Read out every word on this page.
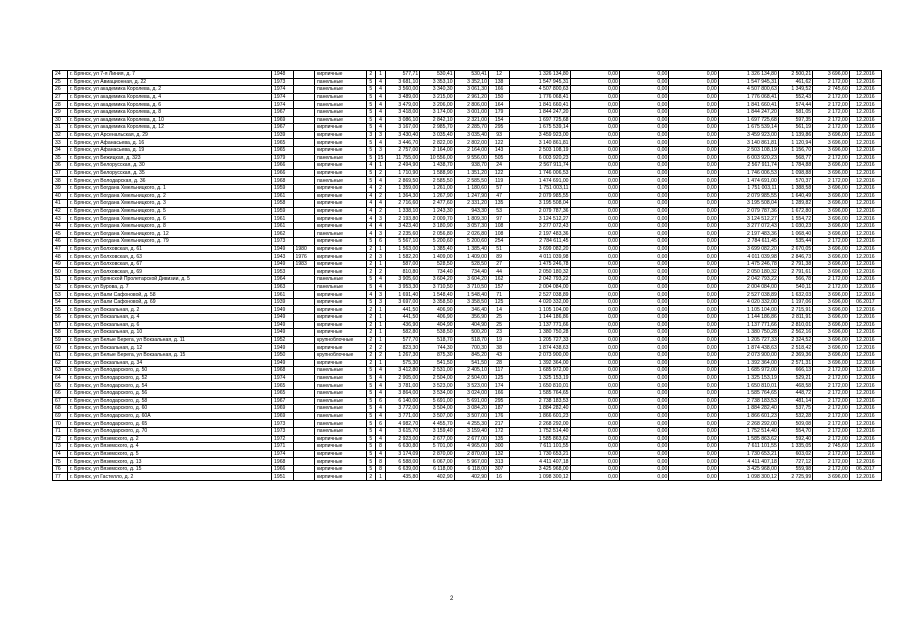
24	г. Брянск, ул 7-я Линия, д. 7	1948		кирпичные	2	1	577,71	530,41	530,41	12	1 326 134,80	0,00	0,00	0,00	1 326 134,80	2 500,21	3 696,00	12.2016
25	г. Брянск, ул Авиационная, д. 22	1973		панельные	5	4	3 681,10	3 353,10	3 352,10	138	1 547 945,31	0,00	0,00	0,00	1 547 945,31	461,62	2 172,00	12.2016
26	г. Брянск, ул академика Королева, д. 2	1974		панельные	5	4	3 560,00	3 340,30	3 061,30	166	4 507 800,63	0,00	0,00	0,00	4 507 800,63	1 349,52	2 745,60	12.2016
27	г. Брянск, ул академика Королева, д. 4	1974		панельные	5	4	3 489,00	3 215,00	2 961,20	150	1 776 068,41	0,00	0,00	0,00	1 776 068,41	552,43	2 172,00	12.2016
28	г. Брянск, ул академика Королева, д. 6	1974		панельные	5	4	3 479,00	3 206,00	2 806,00	164	1 841 660,41	0,00	0,00	0,00	1 841 660,41	574,44	2 172,00	12.2016
29	г. Брянск, ул академика Королева, д. 8	1967		панельные	5	4	3 418,00	3 174,00	3 001,00	179	1 844 247,20	0,00	0,00	0,00	1 844 247,20	581,05	2 172,00	12.2016
30	г. Брянск, ул академика Королева, д. 10	1969		панельные	5	4	3 086,10	2 842,10	2 321,00	154	1 697 725,68	0,00	0,00	0,00	1 697 725,68	597,35	2 172,00	12.2016
31	г. Брянск, ул академика Королева, д. 12	1967		кирпичные	5	4	3 167,00	2 985,70	2 285,70	295	1 675 539,14	0,00	0,00	0,00	1 675 539,14	561,19	2 172,00	12.2016
32	г. Брянск, ул Арсенальская, д. 29	1939		кирпичные	3	3	3 430,40	3 035,40	3 035,40	93	3 459 923,00	0,00	0,00	0,00	3 459 923,00	1 139,86	3 696,00	12.2016
33	г. Брянск, ул Афанасьева, д. 16	1965		кирпичные	5	4	3 446,70	2 822,00	2 802,00	122	3 140 861,81	0,00	0,00	0,00	3 140 861,81	1 120,94	3 696,00	12.2016
34	г. Брянск, ул Афанасьева, д. 19	1965		кирпичные	5	3	2 757,00	2 164,00	2 164,00	143	2 503 108,19	0,00	0,00	0,00	2 503 108,19	1 156,70	3 696,00	12.2016
35	г. Брянск, ул Бежицкая, д. 323	1979		панельные	5	15	11 755,00	10 556,00	9 556,00	505	6 003 920,23	0,00	0,00	0,00	6 003 920,23	568,77	2 172,00	12.2016
36	г. Брянск, ул Белорусская, д. 30	1966		кирпичные	4	1	2 494,90	1 438,70	938,70	24	2 567 911,74	0,00	0,00	0,00	2 567 911,74	1 784,88	3 696,00	12.2016
37	г. Брянск, ул Белорусская, д. 35	1966		кирпичные	5	2	1 710,90	1 588,90	1 351,20	122	1 746 006,53	0,00	0,00	0,00	1 746 006,53	1 098,88	3 696,00	12.2016
38	г. Брянск, ул Володарская, д. 36	1968		панельные	5	4	2 869,50	2 585,50	2 585,50	119	1 474 691,00	0,00	0,00	0,00	1 474 691,00	570,37	2 172,00	12.2016
39	г. Брянск, ул Богдана Хмельницкого, д. 1	1959		кирпичные	4	2	1 359,00	1 261,00	1 180,60	57	1 751 003,11	0,00	0,00	0,00	1 751 003,11	1 388,58	3 696,00	12.2016
40	г. Брянск, ул Богдана Хмельницкого, д. 2	1961		кирпичные	4	2	1 364,30	1 267,90	1 247,90	47	2 079 985,55	0,00	0,00	0,00	2 079 985,55	1 640,49	3 696,00	12.2016
41	г. Брянск, ул Богдана Хмельницкого, д. 3	1958		кирпичные	4	4	2 716,60	2 477,60	2 331,20	135	3 195 508,04	0,00	0,00	0,00	3 195 508,04	1 289,82	3 696,00	12.2016
42	г. Брянск, ул Богдана Хмельницкого, д. 5	1959		кирпичные	4	2	1 338,10	1 243,30	943,30	53	2 079 787,36	0,00	0,00	0,00	2 079 787,36	1 672,80	3 696,00	12.2016
43	г. Брянск, ул Богдана Хмельницкого, д. 6	1961		кирпичные	4	3	2 193,80	2 009,70	1 809,30	97	3 124 512,27	0,00	0,00	0,00	3 124 512,27	1 554,72	3 696,00	12.2016
44	г. Брянск, ул Богдана Хмельницкого, д. 8	1961		кирпичные	4	4	3 423,40	3 180,90	3 057,30	108	3 277 072,43	0,00	0,00	0,00	3 277 072,43	1 030,23	3 696,00	12.2016
45	г. Брянск, ул Богдана Хмельницкого, д. 12	1962		панельные	4	3	2 235,60	2 056,80	2 026,80	108	2 197 483,36	0,00	0,00	0,00	2 197 483,36	1 068,40	3 696,00	12.2016
46	г. Брянск, ул Богдана Хмельницкого, д. 79	1973		кирпичные	5	6	5 567,10	5 200,60	5 200,60	254	2 784 611,45	0,00	0,00	0,00	2 784 611,45	535,44	2 172,00	12.2016
47	г. Брянск, ул Болховская, д. 61	1949	1980	кирпичные	2	1	1 563,00	1 385,40	1 385,40	51	3 699 082,20	0,00	0,00	0,00	3 699 082,20	2 670,05	3 696,00	12.2016
48	г. Брянск, ул Болховская, д. 63	1943	1976	кирпичные	2	3	1 582,20	1 409,00	1 409,00	89	4 011 039,98	0,00	0,00	0,00	4 011 039,98	2 846,73	3 696,00	12.2016
49	г. Брянск, ул Болховская, д. 67	1949	1983	кирпичные	2	1	587,00	528,50	528,50	27	1 475 246,78	0,00	0,00	0,00	1 475 246,78	2 791,38	3 696,00	12.2016
50	г. Брянск, ул Болховская, д. 69	1953		кирпичные	2	2	810,80	734,40	734,40	44	2 050 180,32	0,00	0,00	0,00	2 050 180,32	2 791,61	3 696,00	12.2016
51	г. Брянск, ул Брянской Пролетарской Дивизии, д. 5	1964		панельные	5	4	3 905,60	3 604,20	3 604,20	162	2 042 793,22	0,00	0,00	0,00	2 042 793,22	566,78	2 172,00	12.2016
52	г. Брянск, ул Бурова, д. 7	1963		панельные	5	4	3 953,30	3 710,50	3 710,50	157	2 004 084,00	0,00	0,00	0,00	2 004 084,00	540,11	2 172,00	12.2016
53	г. Брянск, ул Вали Сафоновой, д. 58	1961		кирпичные	4	3	1 691,40	1 548,40	1 548,40	71	2 527 038,89	0,00	0,00	0,00	2 527 038,89	1 632,03	3 696,00	12.2016
54	г. Брянск, ул Вали Сафоновой, д. 69	1939		кирпичные	5	3	3 697,00	3 358,50	3 358,50	125	4 020 332,00	0,00	0,00	0,00	4 020 332,00	1 197,06	3 696,00	06.2017
55	г. Брянск, ул Вокзальная, д. 2	1949		кирпичные	2	1	441,50	406,90	346,40	14	1 105 104,00	0,00	0,00	0,00	1 105 104,00	2 715,91	3 696,00	12.2016
56	г. Брянск, ул Вокзальная, д. 4	1949		кирпичные	2	1	441,50	406,90	356,90	25	1 144 186,86	0,00	0,00	0,00	1 144 186,86	2 811,91	3 696,00	12.2016
57	г. Брянск, ул Вокзальная, д. 6	1949		кирпичные	2	1	436,90	404,90	404,90	25	1 137 771,66	0,00	0,00	0,00	1 137 771,66	2 810,01	3 696,00	12.2016
58	г. Брянск, ул Вокзальная, д. 10	1949		кирпичные	2	1	582,80	538,50	500,20	23	1 380 750,28	0,00	0,00	0,00	1 380 750,28	2 562,16	3 696,00	12.2016
59	г. Брянск, рп Белые Берега, ул Вокзальная, д. 11	1952		крупноблочные	2	1	577,70	518,70	518,70	19	1 205 727,33	0,00	0,00	0,00	1 205 727,33	2 324,52	3 696,00	12.2016
60	г. Брянск, ул Вокзальная, д. 12	1949		кирпичные	2	2	823,30	744,30	700,30	38	1 874 438,63	0,00	0,00	0,00	1 874 438,63	2 518,42	3 696,00	12.2016
61	г. Брянск, рп Белые Берега, ул Вокзальная, д. 15	1950		крупноблочные	2	2	1 267,30	875,30	845,20	43	2 073 900,00	0,00	0,00	0,00	2 073 900,00	2 369,36	3 696,00	12.2016
62	г. Брянск, ул Вокзальная, д. 34	1949		кирпичные	2	1	575,30	541,50	541,50	28	1 392 364,00	0,00	0,00	0,00	1 392 364,00	2 571,31	3 696,00	12.2016
63	г. Брянск, ул Володарского, д. 50	1968		панельные	5	4	3 412,80	2 531,00	2 405,10	117	1 685 972,00	0,00	0,00	0,00	1 685 972,00	666,13	2 172,00	12.2016
64	г. Брянск, ул Володарского, д. 52	1974		панельные	5	4	2 905,00	2 504,00	2 504,00	125	1 325 153,19	0,00	0,00	0,00	1 325 153,19	529,21	2 172,00	12.2016
65	г. Брянск, ул Володарского, д. 54	1965		панельные	5	4	3 781,00	3 523,00	3 523,00	174	1 650 810,01	0,00	0,00	0,00	1 650 810,01	468,58	2 172,00	12.2016
66	г. Брянск, ул Володарского, д. 56	1965		панельные	5	4	3 864,00	3 534,00	3 024,00	166	1 585 764,65	0,00	0,00	0,00	1 585 764,65	448,72	2 172,00	12.2016
67	г. Брянск, ул Володарского, д. 58	1967		панельные	5	6	6 140,00	5 691,00	5 691,00	295	2 738 183,53	0,00	0,00	0,00	2 738 183,53	481,14	2 172,00	12.2016
68	г. Брянск, ул Володарского, д. 60	1969		панельные	5	4	3 772,00	3 504,00	3 084,20	187	1 884 282,40	0,00	0,00	0,00	1 884 282,40	537,75	2 172,00	12.2016
69	г. Брянск, ул Володарского, д. 60А	1969		панельные	5	4	3 771,00	3 507,00	3 507,00	176	1 866 601,23	0,00	0,00	0,00	1 866 601,23	532,28	2 172,00	12.2016
70	г. Брянск, ул Володарского, д. 65	1973		панельные	5	6	4 982,70	4 455,70	4 255,30	217	2 268 292,00	0,00	0,00	0,00	2 268 292,00	509,08	2 172,00	12.2016
71	г. Брянск, ул Володарского, д. 70	1973		панельные	5	4	3 615,70	3 159,40	3 159,40	172	1 752 514,40	0,00	0,00	0,00	1 752 514,40	554,70	2 172,00	12.2016
72	г. Брянск, ул Вяземского, д. 2	1972		кирпичные	5	4	2 923,00	2 677,00	2 677,00	135	1 585 863,62	0,00	0,00	0,00	1 585 863,62	592,40	2 172,00	12.2016
73	г. Брянск, ул Вяземского, д. 4	1971		кирпичные	5	8	6 630,80	5 701,00	4 965,00	300	7 611 101,55	0,00	0,00	0,00	7 611 101,55	1 335,05	2 745,60	12.2016
74	г. Брянск, ул Вяземского, д. 5	1974		кирпичные	5	4	3 174,09	2 870,00	2 870,00	132	1 730 653,21	0,00	0,00	0,00	1 730 653,21	603,02	2 172,00	12.2016
75	г. Брянск, ул Вяземского, д. 13	1968		кирпичные	5	8	6 588,00	6 067,00	5 967,00	313	4 411 407,18	0,00	0,00	0,00	4 411 407,18	727,12	2 172,00	12.2016
76	г. Брянск, ул Вяземского, д. 15	1966		кирпичные	5	8	6 639,00	6 118,00	6 118,00	307	3 425 968,00	0,00	0,00	0,00	3 425 968,00	559,98	2 172,00	06.2017
77	г. Брянск, ул Гастелло, д. 2	1951		кирпичные	2	1	435,80	402,90	402,90	16	1 098 300,12	0,00	0,00	0,00	1 098 300,12	2 725,99	3 696,00	12.2016
2
